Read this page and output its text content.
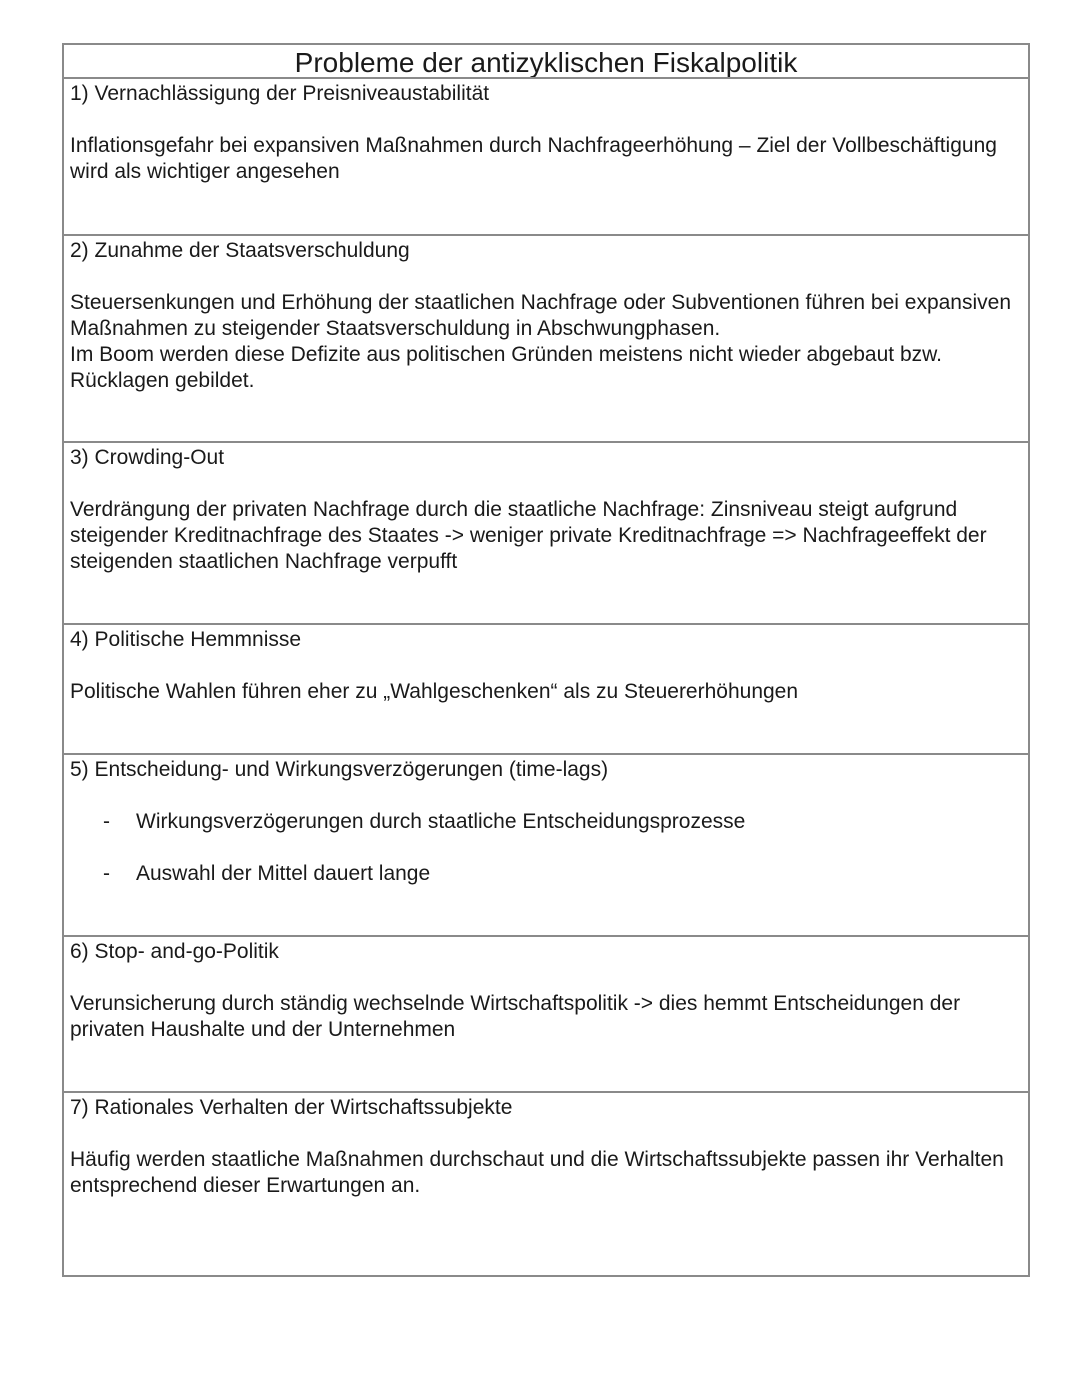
Probleme der antizyklischen Fiskalpolitik

1) Vernachlässigung der Preisniveaustabilität

Inflationsgefahr bei expansiven Maßnahmen durch Nachfrageerhöhung – Ziel der Vollbeschäftigung wird als wichtiger angesehen

2) Zunahme der Staatsverschuldung

Steuersenkungen und Erhöhung der staatlichen Nachfrage oder Subventionen führen bei expansiven Maßnahmen zu steigender Staatsverschuldung in Abschwungphasen.
Im Boom werden diese Defizite aus politischen Gründen meistens nicht wieder abgebaut bzw. Rücklagen gebildet.

3) Crowding-Out

Verdrängung der privaten Nachfrage durch die staatliche Nachfrage: Zinsniveau steigt aufgrund steigender Kreditnachfrage des Staates -> weniger private Kreditnachfrage => Nachfrageeffekt der steigenden staatlichen Nachfrage verpufft

4) Politische Hemmnisse

Politische Wahlen führen eher zu „Wahlgeschenken“ als zu Steuererhöhungen

5) Entscheidung- und Wirkungsverzögerungen (time-lags)

- Wirkungsverzögerungen durch staatliche Entscheidungsprozesse
- Auswahl der Mittel dauert lange

6) Stop- and-go-Politik

Verunsicherung durch ständig wechselnde Wirtschaftspolitik -> dies hemmt Entscheidungen der privaten Haushalte und der Unternehmen

7) Rationales Verhalten der Wirtschaftssubjekte

Häufig werden staatliche Maßnahmen durchschaut und die Wirtschaftssubjekte passen ihr Verhalten entsprechend dieser Erwartungen an.
